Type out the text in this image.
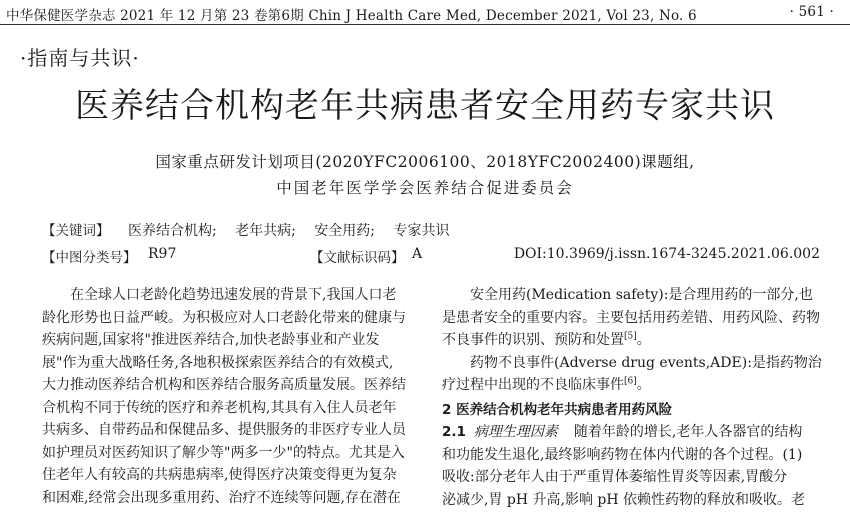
中华保健医学杂志 2021 年 12 月第 23 卷第6期 Chin J Health Care Med, December 2021, Vol 23, No. 6	· 561 ·
·指南与共识·
医养结合机构老年共病患者安全用药专家共识
国家重点研发计划项目(2020YFC2006100、2018YFC2002400)课题组,
中国老年医学学会医养结合促进委员会
【关键词】 医养结合机构; 老年共病; 安全用药; 专家共识
【中图分类号】 R97	【文献标识码】 A	DOI:10.3969/j.issn.1674-3245.2021.06.002
在全球人口老龄化趋势迅速发展的背景下,我国人口老
龄化形势也日益严峻。为积极应对人口老龄化带来的健康与
疾病问题,国家将"推进医养结合,加快老龄事业和产业发
展"作为重大战略任务,各地积极探索医养结合的有效模式,
大力推动医养结合机构和医养结合服务高质量发展。医养结
合机构不同于传统的医疗和养老机构,其具有入住人员老年
共病多、自带药品和保健品多、提供服务的非医疗专业人员
如护理员对医药知识了解少等"两多一少"的特点。尤其是入
住老年人有较高的共病患病率,使得医疗决策变得更为复杂
和困难,经常会出现多重用药、治疗不连续等问题,存在潜在
安全用药(Medication safety):是合理用药的一部分,也
是患者安全的重要内容。主要包括用药差错、用药风险、药物
不良事件的识别、预防和处置[5]。
药物不良事件(Adverse drug events,ADE):是指药物治
疗过程中出现的不良临床事件[6]。
2 医养结合机构老年共病患者用药风险
2.1 病理生理因素 随着年龄的增长,老年人各器官的结构
和功能发生退化,最终影响药物在体内代谢的各个过程。(1)
吸收:部分老年人由于严重胃体萎缩性胃炎等因素,胃酸分
泌减少,胃 pH 升高,影响 pH 依赖性药物的释放和吸收。老
